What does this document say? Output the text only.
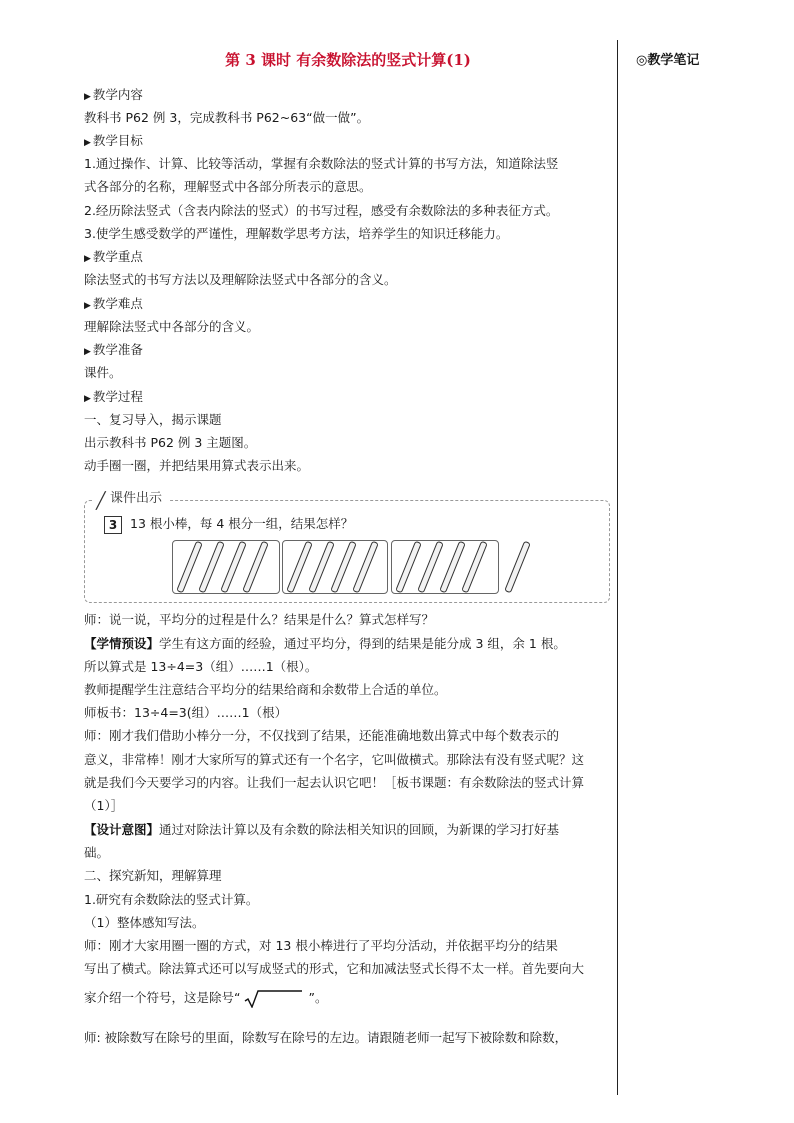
第 3 课时 有余数除法的竖式计算(1)	◎教学笔记
▶ 教学内容
教科书 P62 例 3，完成教科书 P62~63“做一做”。
▶ 教学目标
1.通过操作、计算、比较等活动，掌握有余数除法的竖式计算的书写方法，知道除法竖
式各部分的名称，理解竖式中各部分所表示的意思。
2.经历除法竖式（含表内除法的竖式）的书写过程，感受有余数除法的多种表征方式。
3.使学生感受数学的严谨性，理解数学思考方法，培养学生的知识迁移能力。
▶ 教学重点
除法竖式的书写方法以及理解除法竖式中各部分的含义。
▶ 教学难点
理解除法竖式中各部分的含义。
▶ 教学准备
课件。
▶ 教学过程
一、复习导入，揭示课题
出示教科书 P62 例 3 主题图。
动手圈一圈，并把结果用算式表示出来。
╱ 课件出示
3 13 根小棒，每 4 根分一组，结果怎样？
师：说一说，平均分的过程是什么？结果是什么？算式怎样写？
【学情预设】学生有这方面的经验，通过平均分，得到的结果是能分成 3 组，余 1 根。
所以算式是 13÷4=3（组）……1（根）。
教师提醒学生注意结合平均分的结果给商和余数带上合适的单位。
师板书：13÷4=3(组）……1（根）
师：刚才我们借助小棒分一分，不仅找到了结果，还能准确地数出算式中每个数表示的
意义，非常棒！刚才大家所写的算式还有一个名字，它叫做横式。那除法有没有竖式呢？这
就是我们今天要学习的内容。让我们一起去认识它吧！［板书课题：有余数除法的竖式计算
（1）］
【设计意图】通过对除法计算以及有余数的除法相关知识的回顾，为新课的学习打好基
础。
二、探究新知，理解算理
1.研究有余数除法的竖式计算。
（1）整体感知写法。
师：刚才大家用圈一圈的方式，对 13 根小棒进行了平均分活动，并依据平均分的结果
写出了横式。除法算式还可以写成竖式的形式，它和加减法竖式长得不太一样。首先要向大
家介绍一个符号，这是除号“	”。
师: 被除数写在除号的里面，除数写在除号的左边。请跟随老师一起写下被除数和除数，
